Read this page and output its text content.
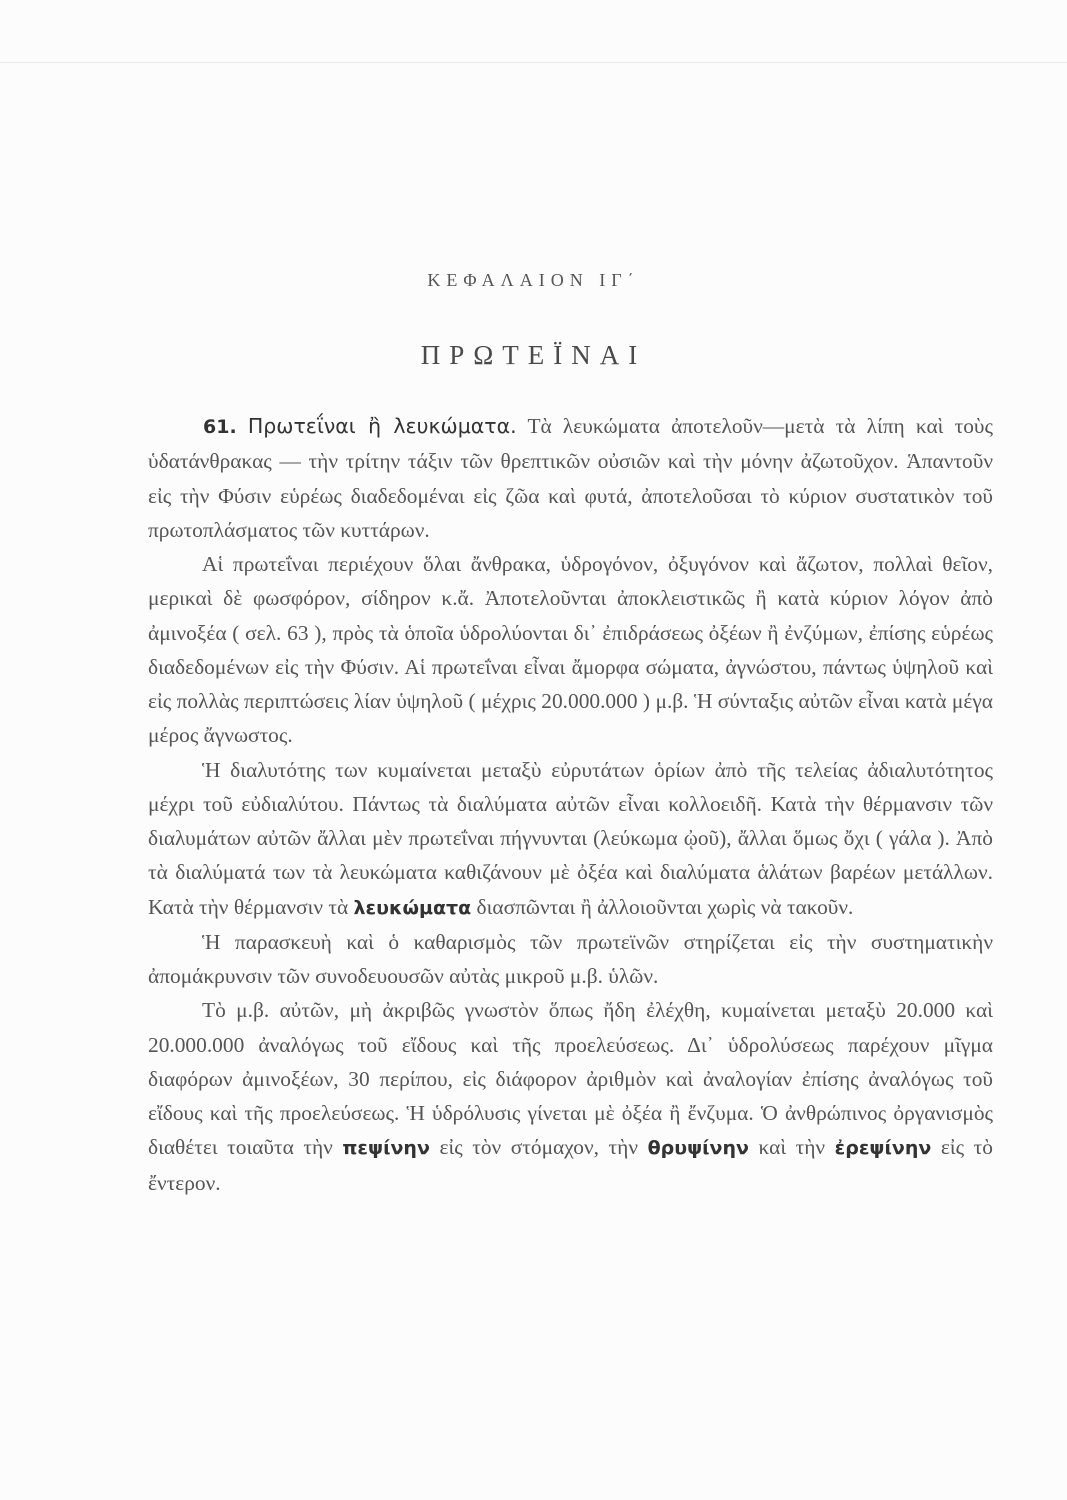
ΚΕΦΑΛΑΙΟΝ ΙΓ΄
ΠΡΩΤΕΪΝΑΙ

61. Πρωτεΐναι ἢ λευκώματα. Τὰ λευκώματα ἀποτελοῦν—μετὰ τὰ λίπη καὶ τοὺς ὑδατάνθρακας — τὴν τρίτην τάξιν τῶν θρεπτικῶν οὐσιῶν καὶ τὴν μόνην ἀζωτοῦχον. Ἁπαντοῦν εἰς τὴν Φύσιν εὑρέως διαδεδομέναι εἰς ζῶα καὶ φυτά, ἀποτελοῦσαι τὸ κύριον συστατικὸν τοῦ πρωτοπλάσματος τῶν κυττάρων.

Αἱ πρωτεΐναι περιέχουν ὅλαι ἄνθρακα, ὑδρογόνον, ὀξυγόνον καὶ ἄζωτον, πολλαὶ θεῖον, μερικαὶ δὲ φωσφόρον, σίδηρον κ.ἄ. Ἀποτελοῦνται ἀποκλειστικῶς ἢ κατὰ κύριον λόγον ἀπὸ ἀμινοξέα ( σελ. 63 ), πρὸς τὰ ὁποῖα ὑδρολύονται δι᾽ ἐπιδράσεως ὀξέων ἢ ἐνζύμων, ἐπίσης εὑρέως διαδεδομένων εἰς τὴν Φύσιν. Αἱ πρωτεΐναι εἶναι ἄμορφα σώματα, ἀγνώστου, πάντως ὑψηλοῦ καὶ εἰς πολλὰς περιπτώσεις λίαν ὑψηλοῦ ( μέχρις 20.000.000 ) μ.β. Ἡ σύνταξις αὐτῶν εἶναι κατὰ μέγα μέρος ἄγνωστος.

Ἡ διαλυτότης των κυμαίνεται μεταξὺ εὐρυτάτων ὁρίων ἀπὸ τῆς τελείας ἀδιαλυτότητος μέχρι τοῦ εὐδιαλύτου. Πάντως τὰ διαλύματα αὐτῶν εἶναι κολλοειδῆ. Κατὰ τὴν θέρμανσιν τῶν διαλυμάτων αὐτῶν ἄλλαι μὲν πρωτεΐναι πήγνυνται (λεύκωμα ᾠοῦ), ἄλλαι ὅμως ὄχι ( γάλα ). Ἀπὸ τὰ διαλύματά των τὰ λευκώματα καθιζάνουν μὲ ὀξέα καὶ διαλύματα ἁλάτων βαρέων μετάλλων. Κατὰ τὴν θέρμανσιν τὰ λευκώματα διασπῶνται ἢ ἀλλοιοῦνται χωρὶς νὰ τακοῦν.

Ἡ παρασκευὴ καὶ ὁ καθαρισμὸς τῶν πρωτεϊνῶν στηρίζεται εἰς τὴν συστηματικὴν ἀπομάκρυνσιν τῶν συνοδευουσῶν αὐτὰς μικροῦ μ.β. ὑλῶν.

Τὸ μ.β. αὐτῶν, μὴ ἀκριβῶς γνωστὸν ὅπως ἤδη ἐλέχθη, κυμαίνεται μεταξὺ 20.000 καὶ 20.000.000 ἀναλόγως τοῦ εἴδους καὶ τῆς προελεύσεως. Δι᾽ ὑδρολύσεως παρέχουν μῖγμα διαφόρων ἀμινοξέων, 30 περίπου, εἰς διάφορον ἀριθμὸν καὶ ἀναλογίαν ἐπίσης ἀναλόγως τοῦ εἴδους καὶ τῆς προελεύσεως. Ἡ ὑδρόλυσις γίνεται μὲ ὀξέα ἢ ἔνζυμα. Ὁ ἀνθρώπινος ὀργανισμὸς διαθέτει τοιαῦτα τὴν πεψίνην εἰς τὸν στόμαχον, τὴν θρυψίνην καὶ τὴν ἐρεψίνην εἰς τὸ ἔντερον.
